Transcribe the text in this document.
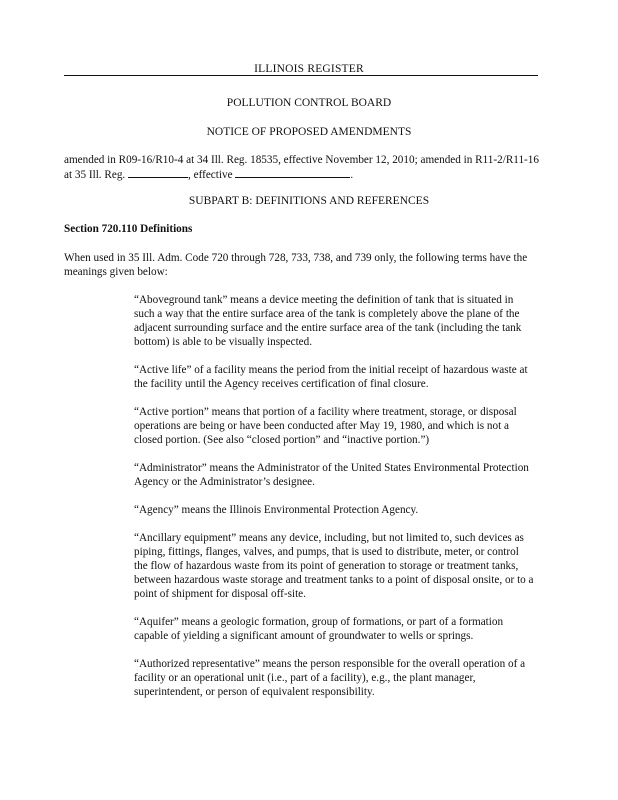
ILLINOIS REGISTER
POLLUTION CONTROL BOARD
NOTICE OF PROPOSED AMENDMENTS
amended in R09-16/R10-4 at 34 Ill. Reg. 18535, effective November 12, 2010; amended in R11-2/R11-16 at 35 Ill. Reg.	, effective	.
SUBPART B: DEFINITIONS AND REFERENCES
Section 720.110 Definitions
When used in 35 Ill. Adm. Code 720 through 728, 733, 738, and 739 only, the following terms have the meanings given below:

“Aboveground tank” means a device meeting the definition of tank that is situated in such a way that the entire surface area of the tank is completely above the plane of the adjacent surrounding surface and the entire surface area of the tank (including the tank bottom) is able to be visually inspected.

“Active life” of a facility means the period from the initial receipt of hazardous waste at the facility until the Agency receives certification of final closure.

“Active portion” means that portion of a facility where treatment, storage, or disposal operations are being or have been conducted after May 19, 1980, and which is not a closed portion. (See also “closed portion” and “inactive portion.”)

“Administrator” means the Administrator of the United States Environmental Protection Agency or the Administrator’s designee.

“Agency” means the Illinois Environmental Protection Agency.

“Ancillary equipment” means any device, including, but not limited to, such devices as piping, fittings, flanges, valves, and pumps, that is used to distribute, meter, or control the flow of hazardous waste from its point of generation to storage or treatment tanks, between hazardous waste storage and treatment tanks to a point of disposal onsite, or to a point of shipment for disposal off-site.

“Aquifer” means a geologic formation, group of formations, or part of a formation capable of yielding a significant amount of groundwater to wells or springs.

“Authorized representative” means the person responsible for the overall operation of a facility or an operational unit (i.e., part of a facility), e.g., the plant manager, superintendent, or person of equivalent responsibility.
